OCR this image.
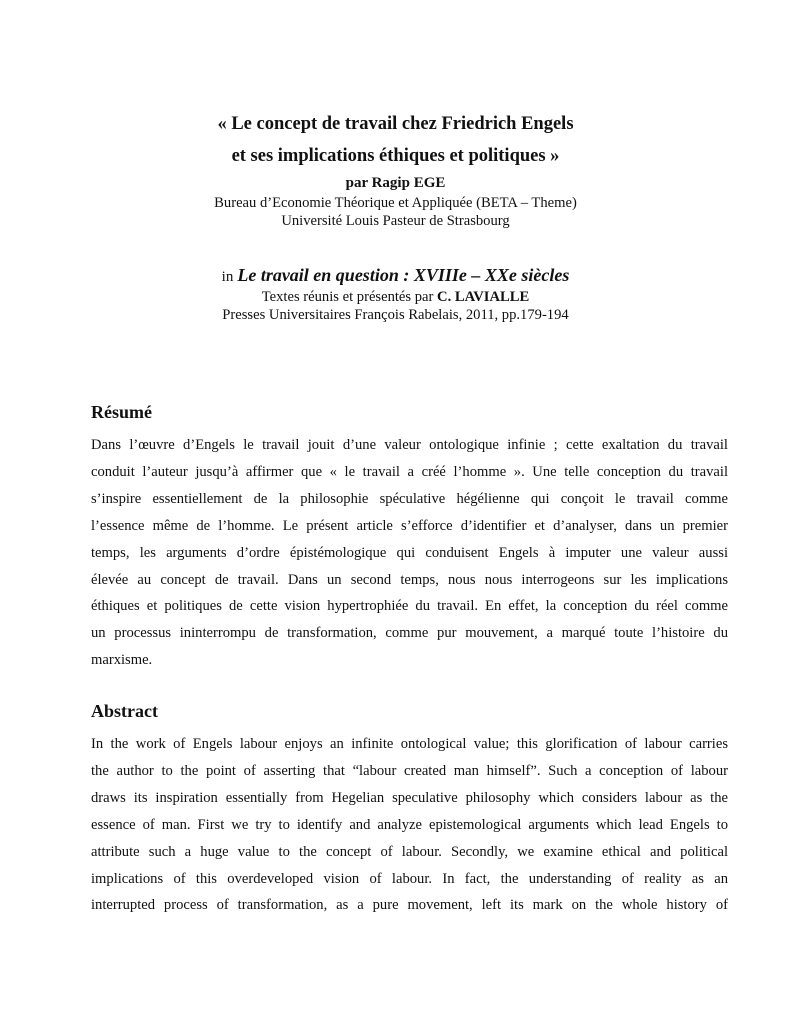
« Le concept de travail chez Friedrich Engels
et ses implications éthiques et politiques »
par Ragip EGE
Bureau d’Economie Théorique et Appliquée (BETA – Theme)
Université Louis Pasteur de Strasbourg
in Le travail en question : XVIIIe – XXe siècles
Textes réunis et présentés par C. LAVIALLE
Presses Universitaires François Rabelais, 2011, pp.179-194
Résumé

Dans l’œuvre d’Engels le travail jouit d’une valeur ontologique infinie ; cette exaltation du travail

conduit l’auteur jusqu’à affirmer que « le travail a créé l’homme ». Une telle conception du travail

s’inspire essentiellement de la philosophie spéculative hégélienne qui conçoit le travail comme

l’essence même de l’homme. Le présent article s’efforce d’identifier et d’analyser, dans un premier

temps, les arguments d’ordre épistémologique qui conduisent Engels à imputer une valeur aussi

élevée au concept de travail. Dans un second temps, nous nous interrogeons sur les implications

éthiques et politiques de cette vision hypertrophiée du travail. En effet, la conception du réel comme

un processus ininterrompu de transformation, comme pur mouvement, a marqué toute l’histoire du

marxisme.

Abstract

In the work of Engels labour enjoys an infinite ontological value; this glorification of labour carries

the author to the point of asserting that “labour created man himself”. Such a conception of labour

draws its inspiration essentially from Hegelian speculative philosophy which considers labour as the

essence of man. First we try to identify and analyze epistemological arguments which lead Engels to

attribute such a huge value to the concept of labour. Secondly, we examine ethical and political

implications of this overdeveloped vision of labour. In fact, the understanding of reality as an

interrupted process of transformation, as a pure movement, left its mark on the whole history of
